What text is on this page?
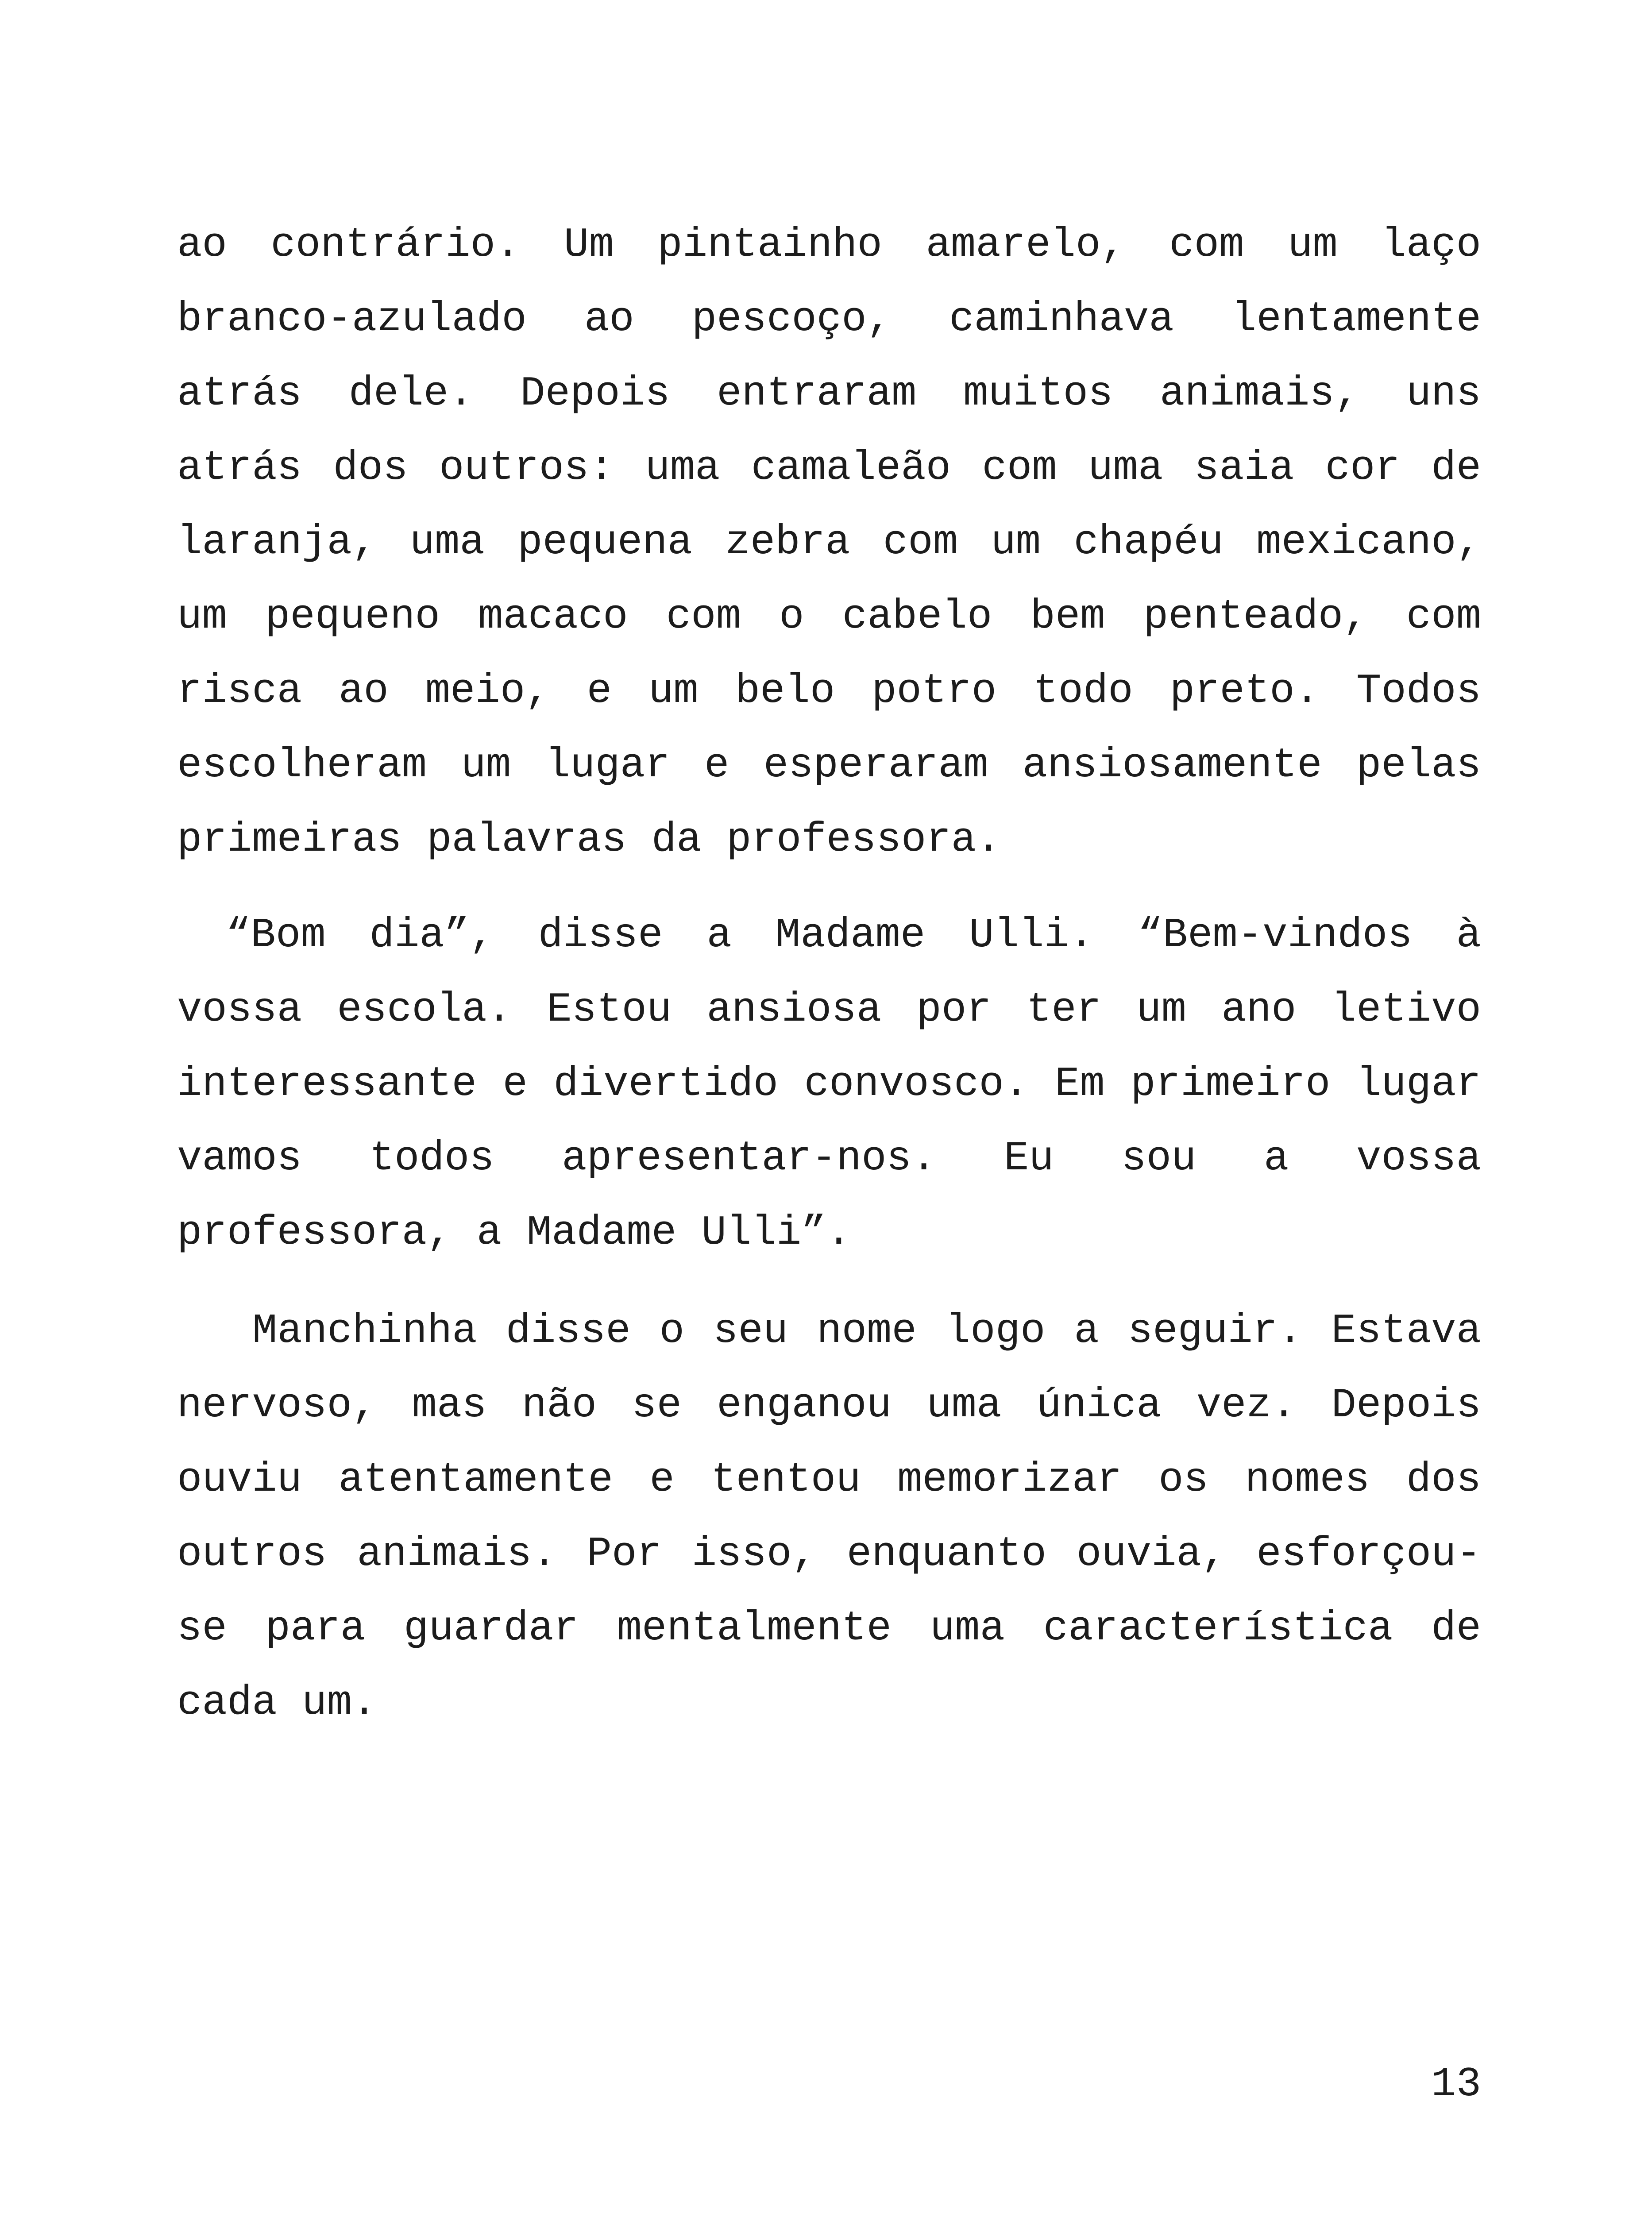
ao contrário. Um pintainho amarelo, com um laço branco-azulado ao pescoço, caminhava lentamente atrás dele. Depois entraram muitos animais, uns atrás dos outros: uma camaleão com uma saia cor de laranja, uma pequena zebra com um chapéu mexicano, um pequeno macaco com o cabelo bem penteado, com risca ao meio, e um belo potro todo preto. Todos escolheram um lugar e esperaram ansiosamente pelas primeiras palavras da professora.

“Bom dia”, disse a Madame Ulli. “Bem-vindos à vossa escola. Estou ansiosa por ter um ano letivo interessante e divertido convosco. Em primeiro lugar vamos todos apresentar-nos. Eu sou a vossa professora, a Madame Ulli”.

Manchinha disse o seu nome logo a seguir. Estava nervoso, mas não se enganou uma única vez. Depois ouviu atentamente e tentou memorizar os nomes dos outros animais. Por isso, enquanto ouvia, esforçou-se para guardar mentalmente uma característica de cada um.

13
